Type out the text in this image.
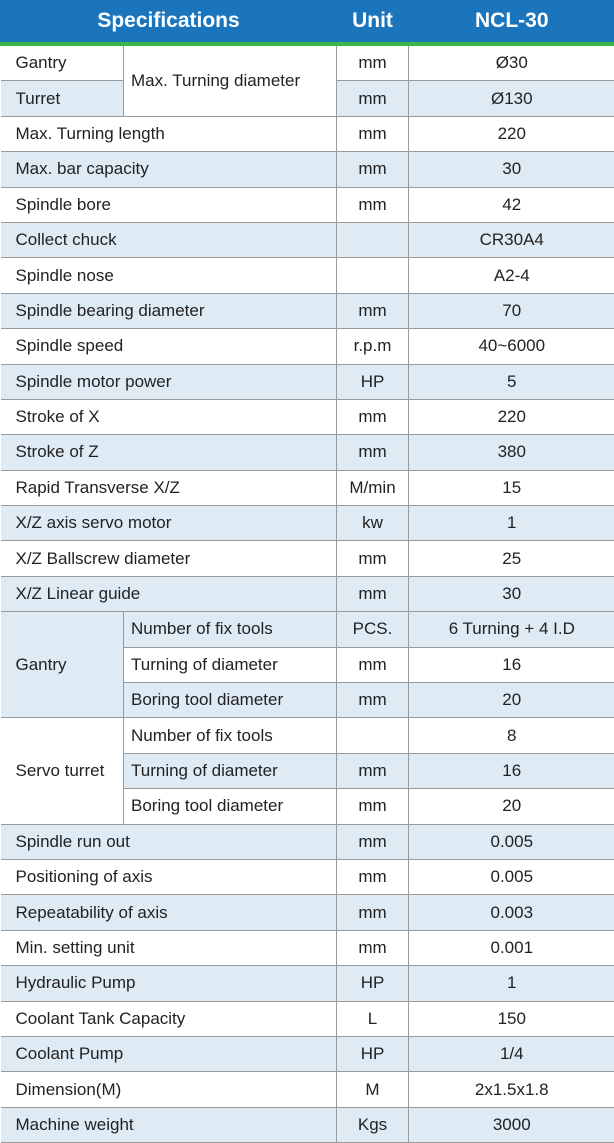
Specifications		Unit	NCL-30
Gantry	Max. Turning diameter	mm	Ø30
Turret		mm	Ø130
Max. Turning length		mm	220
Max. bar capacity		mm	30
Spindle bore		mm	42
Collect chuck			CR30A4
Spindle nose			A2-4
Spindle bearing diameter		mm	70
Spindle speed		r.p.m	40~6000
Spindle motor power		HP	5
Stroke of X		mm	220
Stroke of Z		mm	380
Rapid Transverse X/Z		M/min	15
X/Z axis servo motor		kw	1
X/Z Ballscrew diameter		mm	25
X/Z Linear guide		mm	30
Gantry	Number of fix tools	PCS.	6 Turning + 4 I.D
	Turning of diameter	mm	16
	Boring tool diameter	mm	20
Servo turret	Number of fix tools		8
	Turning of diameter	mm	16
	Boring tool diameter	mm	20
Spindle run out		mm	0.005
Positioning of axis		mm	0.005
Repeatability of axis		mm	0.003
Min. setting unit		mm	0.001
Hydraulic Pump		HP	1
Coolant Tank Capacity		L	150
Coolant Pump		HP	1/4
Dimension(M)		M	2x1.5x1.8
Machine weight		Kgs	3000
